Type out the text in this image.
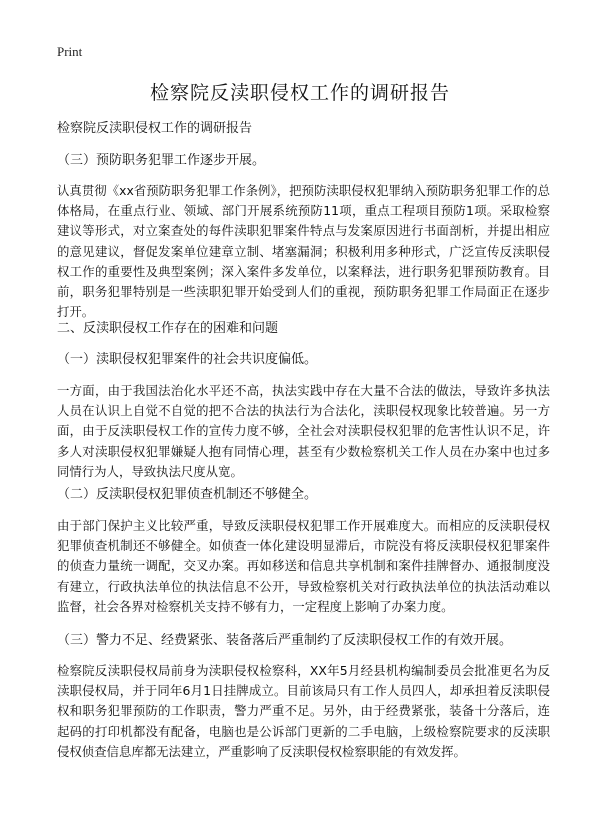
Print
检察院反渎职侵权工作的调研报告

检察院反渎职侵权工作的调研报告

（三）预防职务犯罪工作逐步开展。

认真贯彻《xx省预防职务犯罪工作条例》，把预防渎职侵权犯罪纳入预防职务犯罪工作的总体格局，在重点行业、领域、部门开展系统预防11项，重点工程项目预防1项。采取检察建议等形式，对立案查处的每件渎职犯罪案件特点与发案原因进行书面剖析，并提出相应的意见建议，督促发案单位建章立制、堵塞漏洞；积极利用多种形式，广泛宣传反渎职侵权工作的重要性及典型案例；深入案件多发单位，以案释法，进行职务犯罪预防教育。目前，职务犯罪特别是一些渎职犯罪开始受到人们的重视，预防职务犯罪工作局面正在逐步打开。

二、反渎职侵权工作存在的困难和问题

（一）渎职侵权犯罪案件的社会共识度偏低。

一方面，由于我国法治化水平还不高，执法实践中存在大量不合法的做法，导致许多执法人员在认识上自觉不自觉的把不合法的执法行为合法化，渎职侵权现象比较普遍。另一方面，由于反渎职侵权工作的宣传力度不够，全社会对渎职侵权犯罪的危害性认识不足，许多人对渎职侵权犯罪嫌疑人抱有同情心理，甚至有少数检察机关工作人员在办案中也过多同情行为人，导致执法尺度从宽。

（二）反渎职侵权犯罪侦查机制还不够健全。

由于部门保护主义比较严重，导致反渎职侵权犯罪工作开展难度大。而相应的反渎职侵权犯罪侦查机制还不够健全。如侦查一体化建设明显滞后，市院没有将反渎职侵权犯罪案件的侦查力量统一调配，交叉办案。再如移送和信息共享机制和案件挂牌督办、通报制度没有建立，行政执法单位的执法信息不公开，导致检察机关对行政执法单位的执法活动难以监督，社会各界对检察机关支持不够有力，一定程度上影响了办案力度。

（三）警力不足、经费紧张、装备落后严重制约了反渎职侵权工作的有效开展。

检察院反渎职侵权局前身为渎职侵权检察科，XX年5月经县机构编制委员会批准更名为反渎职侵权局，并于同年6月1日挂牌成立。目前该局只有工作人员四人，却承担着反渎职侵权和职务犯罪预防的工作职责，警力严重不足。另外，由于经费紧张，装备十分落后，连起码的打印机都没有配备，电脑也是公诉部门更新的二手电脑，上级检察院要求的反渎职侵权侦查信息库都无法建立，严重影响了反渎职侵权检察职能的有效发挥。
